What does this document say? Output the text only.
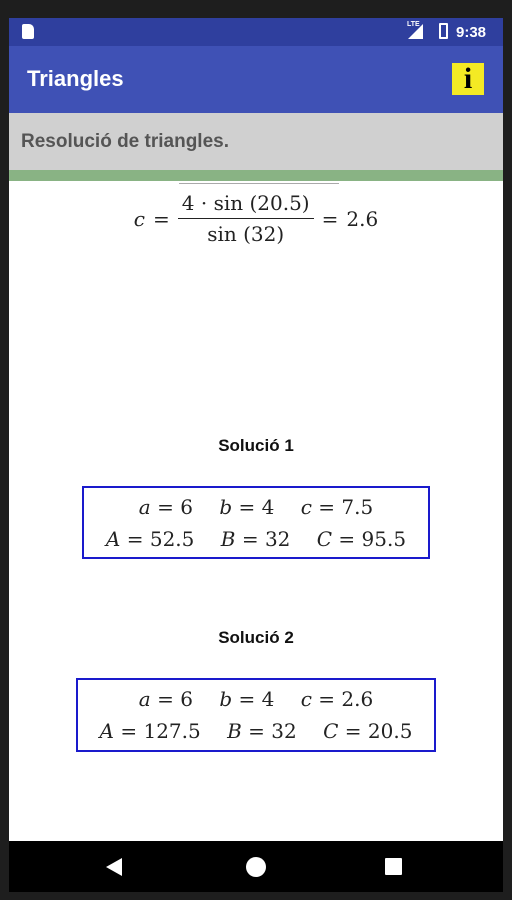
LTE 9:38
Triangles	i
Resolució de triangles.
$c = \frac{4 \cdot \sin (20.5)}{\sin (32)} = 2.6$
Solució 1
a = 6 b = 4 c = 7.5
A = 52.5 B = 32 C = 95.5
Solució 2
a = 6 b = 4 c = 2.6
A = 127.5 B = 32 C = 20.5
